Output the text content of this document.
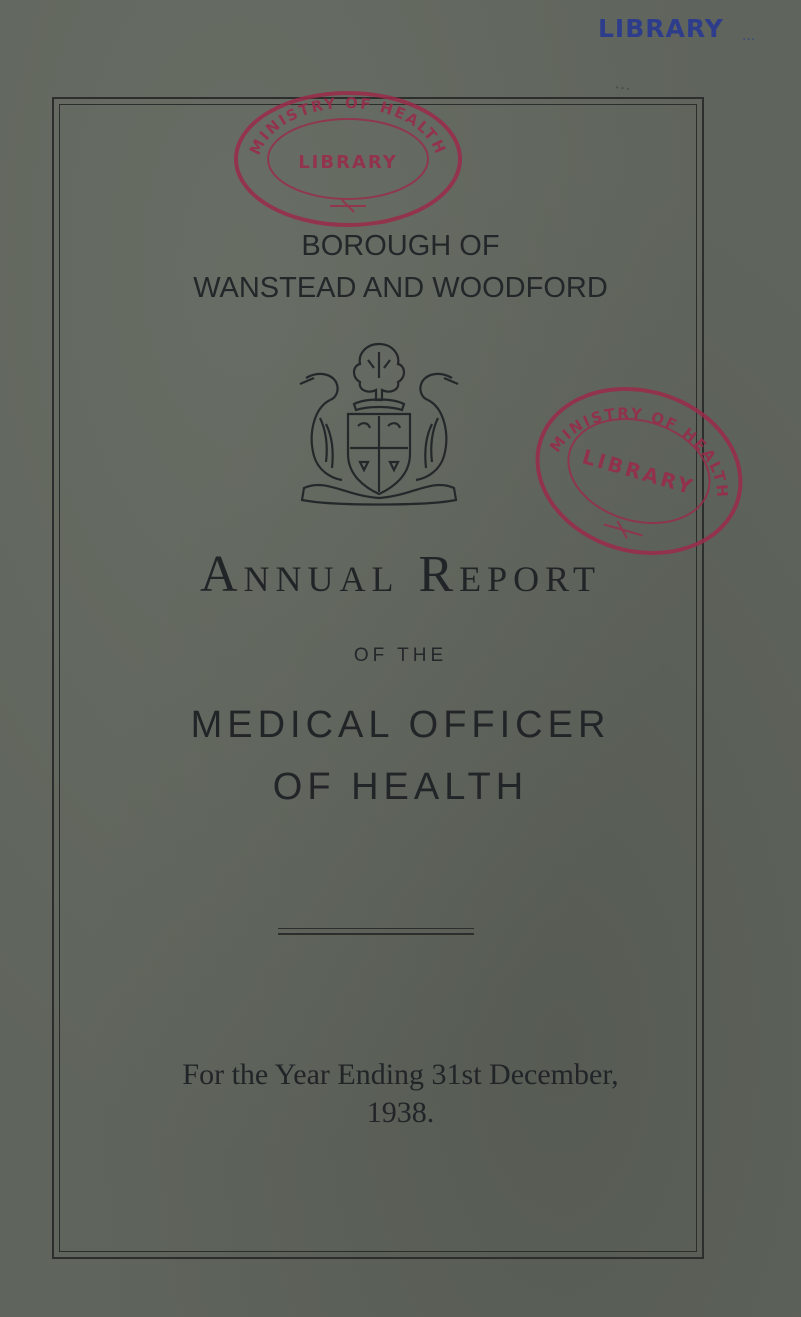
LIBRARY ...
...
MINISTRY OF HEALTH
LIBRARY
MINISTRY OF HEALTH
LIBRARY
BOROUGH OF
WANSTEAD AND WOODFORD
Annual Report
OF THE
MEDICAL OFFICER
OF HEALTH
For the Year Ending 31st December,
1938.
